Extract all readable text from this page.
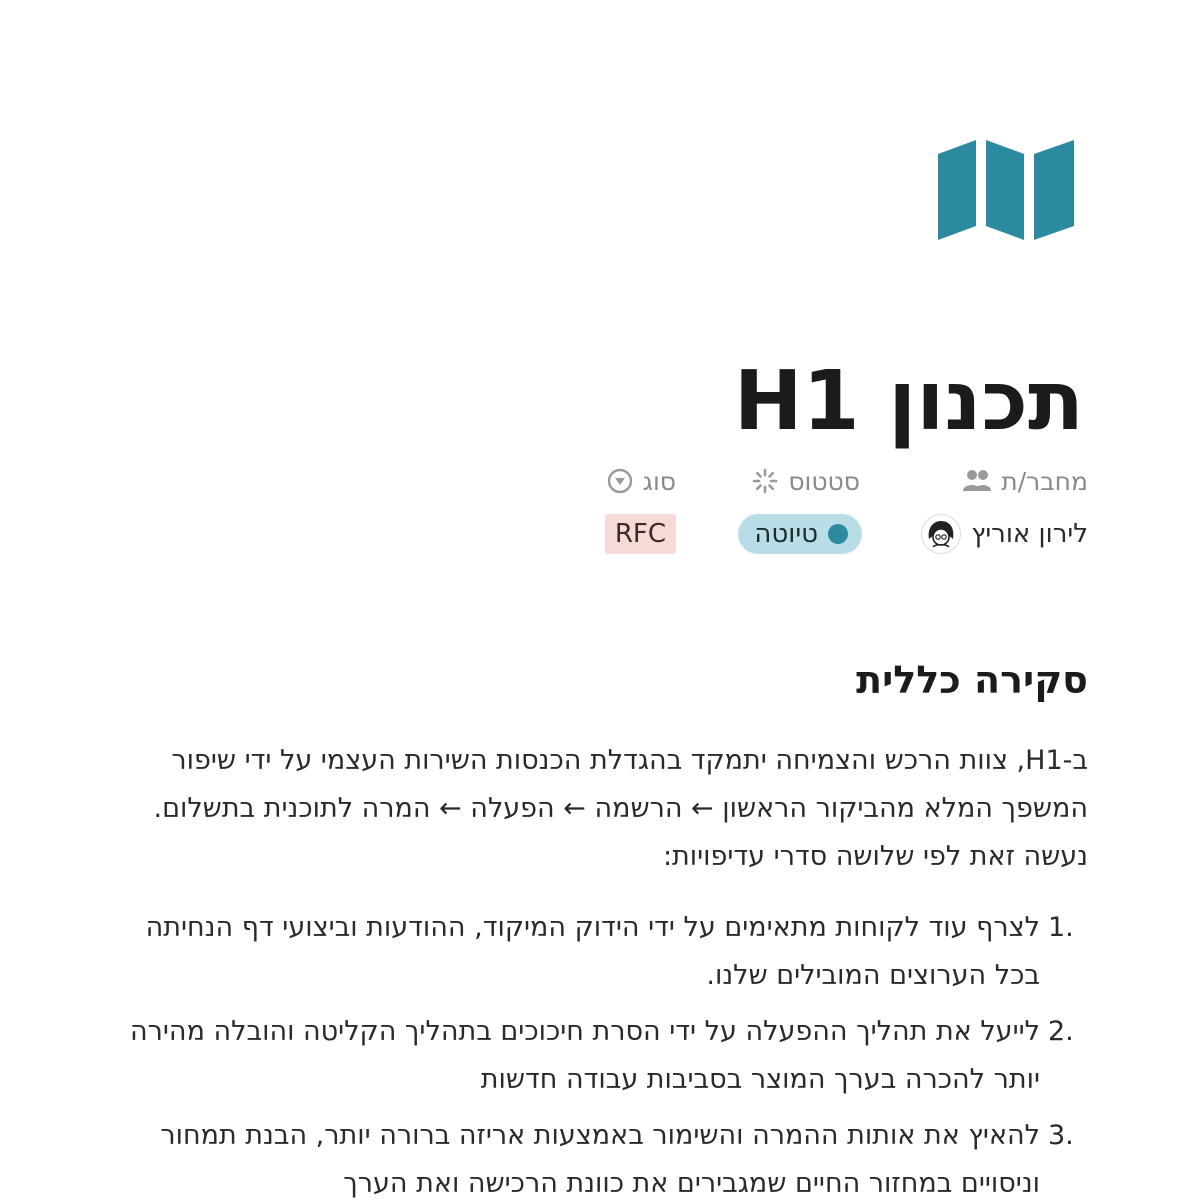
תכנון H1
מחבר/ת
סטטוס
סוג
לירון אוריץ
טיוטה
RFC
סקירה כללית

ב-H1, צוות הרכש והצמיחה יתמקד בהגדלת הכנסות השירות העצמי על ידי שיפור המשפך המלא מהביקור הראשון ← הרשמה ← הפעלה ← המרה לתוכנית בתשלום. נעשה זאת לפי שלושה סדרי עדיפויות:

1.
לצרף עוד לקוחות מתאימים על ידי הידוק המיקוד, ההודעות וביצועי דף הנחיתה בכל הערוצים המובילים שלנו.
2.
לייעל את תהליך ההפעלה על ידי הסרת חיכוכים בתהליך הקליטה והובלה מהירה יותר להכרה בערך המוצר בסביבות עבודה חדשות
3.
להאיץ את אותות ההמרה והשימור באמצעות אריזה ברורה יותר, הבנת תמחור וניסויים במחזור החיים שמגבירים את כוונת הרכישה ואת הערך
